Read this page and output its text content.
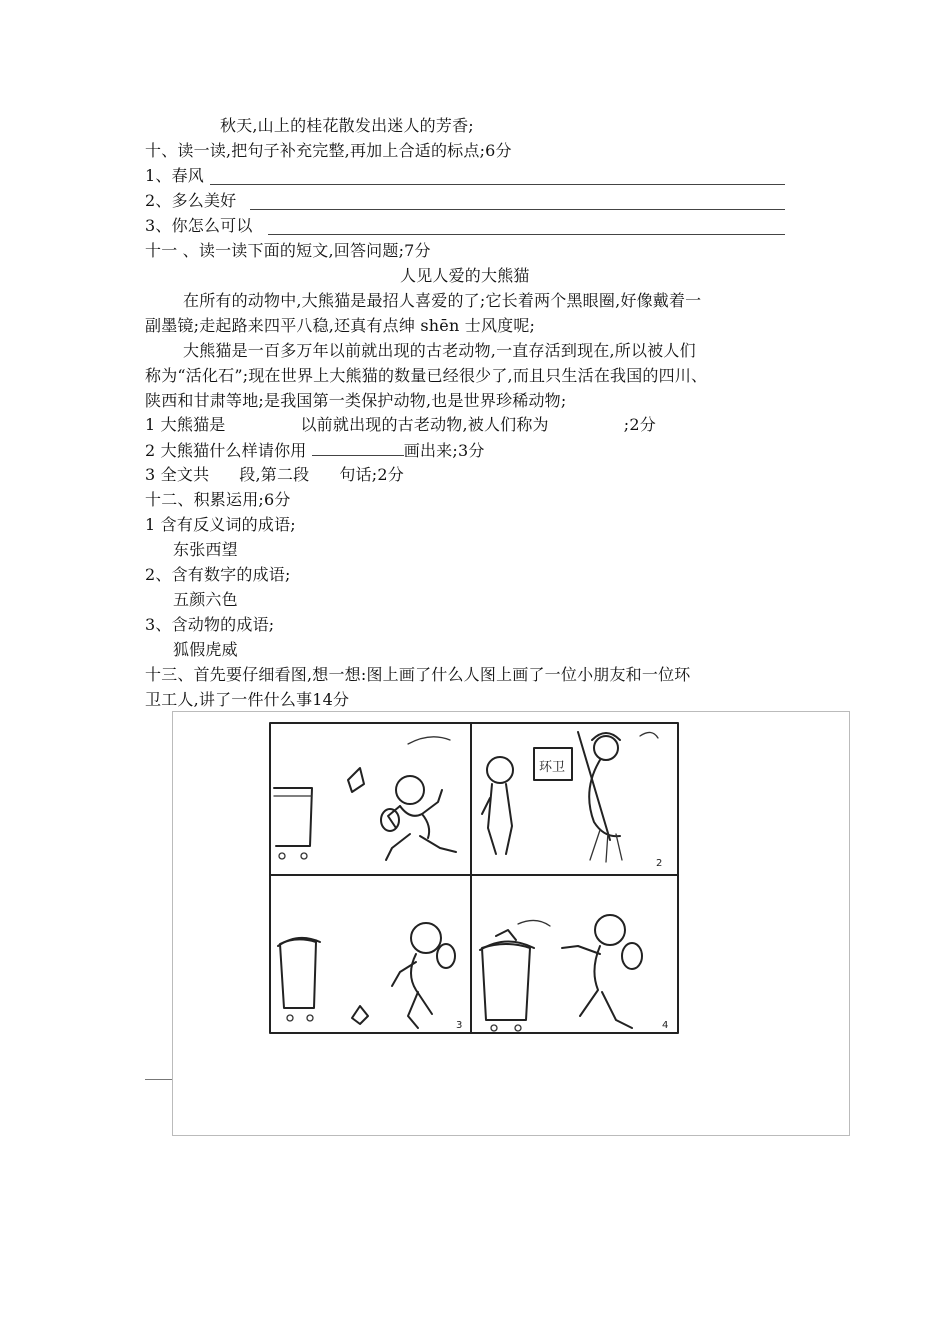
秋天,山上的桂花散发出迷人的芳香;
十、读一读,把句子补充完整,再加上合适的标点;6分
1、春风
2、多么美好
3、你怎么可以
十一 、读一读下面的短文,回答问题;7分
人见人爱的大熊猫
在所有的动物中,大熊猫是最招人喜爱的了;它长着两个黑眼圈,好像戴着一
副墨镜;走起路来四平八稳,还真有点绅 shēn 士风度呢;
大熊猫是一百多万年以前就出现的古老动物,一直存活到现在,所以被人们
称为“活化石”;现在世界上大熊猫的数量已经很少了,而且只生活在我国的四川、
陕西和甘肃等地;是我国第一类保护动物,也是世界珍稀动物;
1 大熊猫是	以前就出现的古老动物,被人们称为	;2分
2 大熊猫什么样请你用	画出来;3分
3 全文共 段,第二段 句话;2分
十二、积累运用;6分
1 含有反义词的成语;
东张西望
2、含有数字的成语;
五颜六色
3、含动物的成语;
狐假虎威
十三、首先要仔细看图,想一想:图上画了什么人图上画了一位小朋友和一位环
卫工人,讲了一件什么事14分
环卫
2
3	4
